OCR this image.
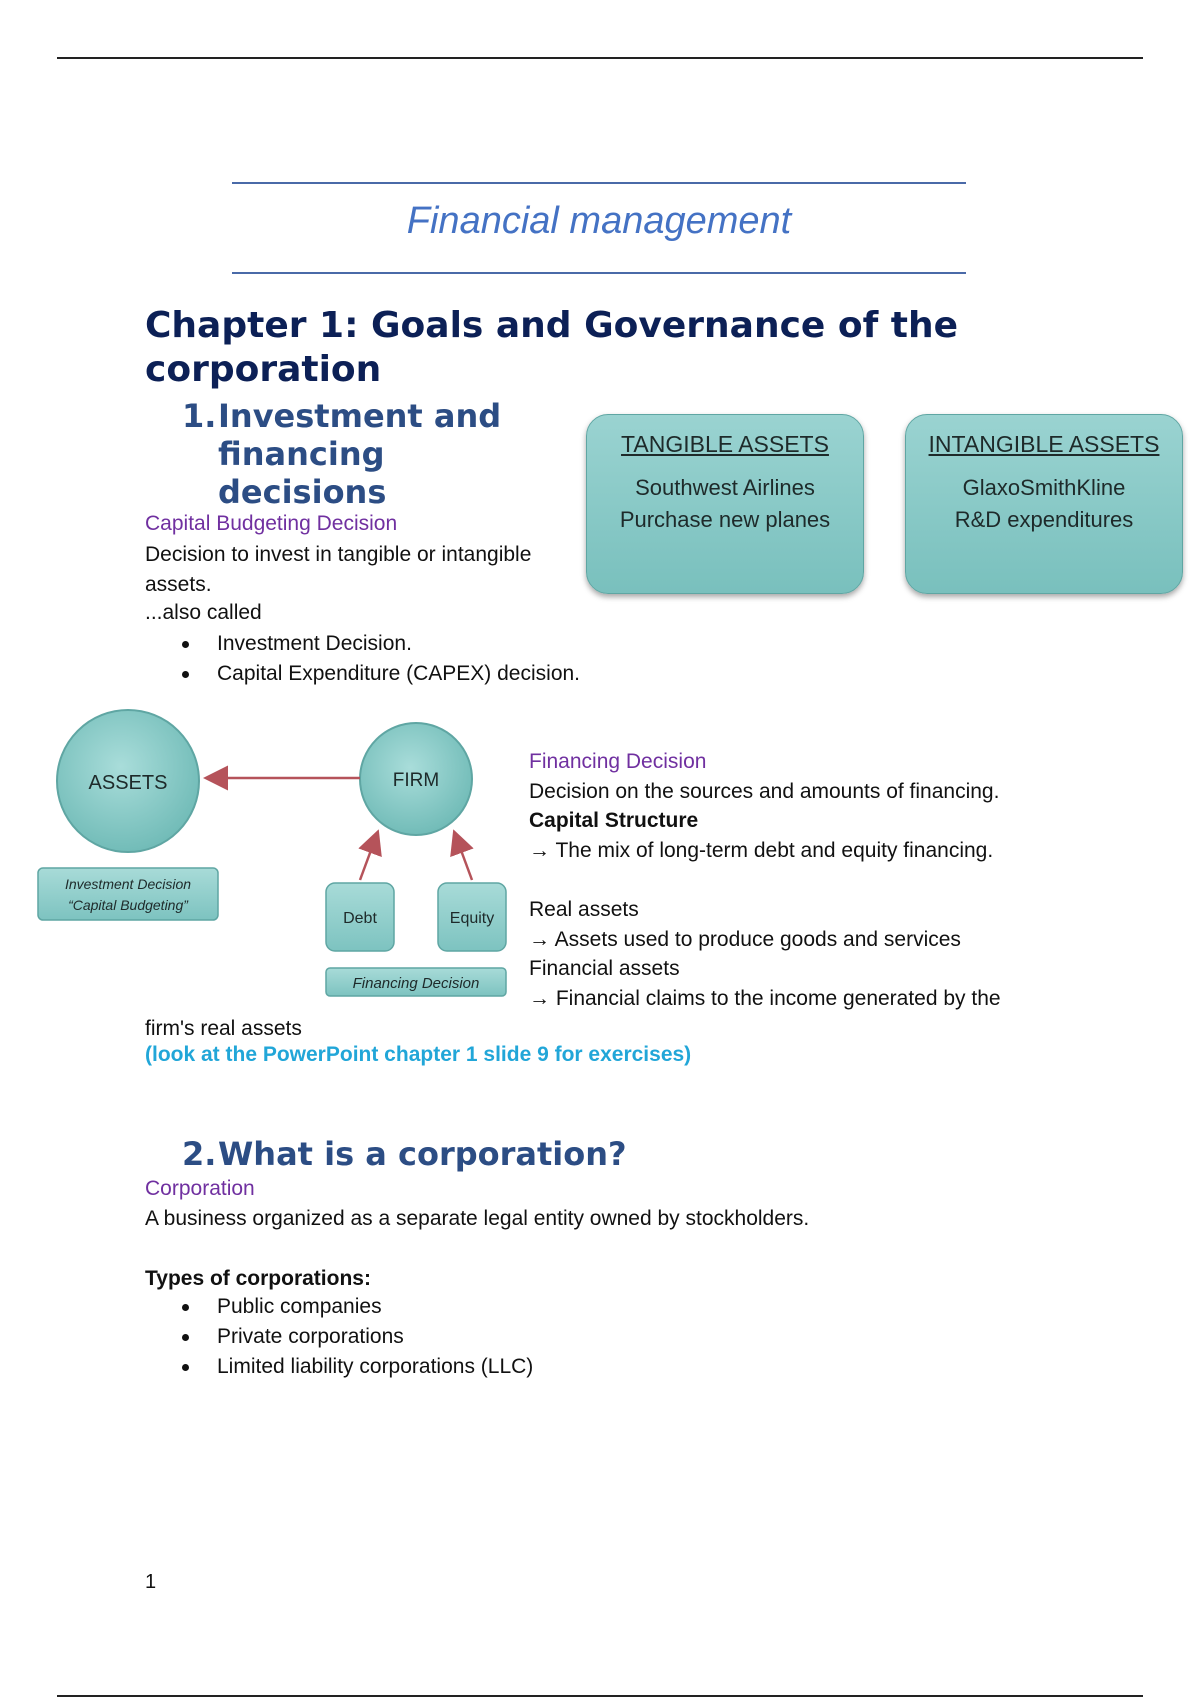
Financial management
Chapter 1: Goals and Governance of the corporation
1. Investment and financing decisions
Capital Budgeting Decision
Decision to invest in tangible or intangible assets.
...also called
Investment Decision.
Capital Expenditure (CAPEX) decision.
TANGIBLE ASSETS
Southwest Airlines
Purchase new planes
INTANGIBLE ASSETS
GlaxoSmithKline
R&D expenditures
ASSETS	FIRM
Investment Decision
“Capital Budgeting”
Debt	Equity
Financing Decision
Financing Decision
Decision on the sources and amounts of financing.
Capital Structure
→ The mix of long-term debt and equity financing.
Real assets
→ Assets used to produce goods and services
Financial assets
→ Financial claims to the income generated by the
firm's real assets
(look at the PowerPoint chapter 1 slide 9 for exercises)
2. What is a corporation?
Corporation
A business organized as a separate legal entity owned by stockholders.
Types of corporations:
Public companies
Private corporations
Limited liability corporations (LLC)
1
